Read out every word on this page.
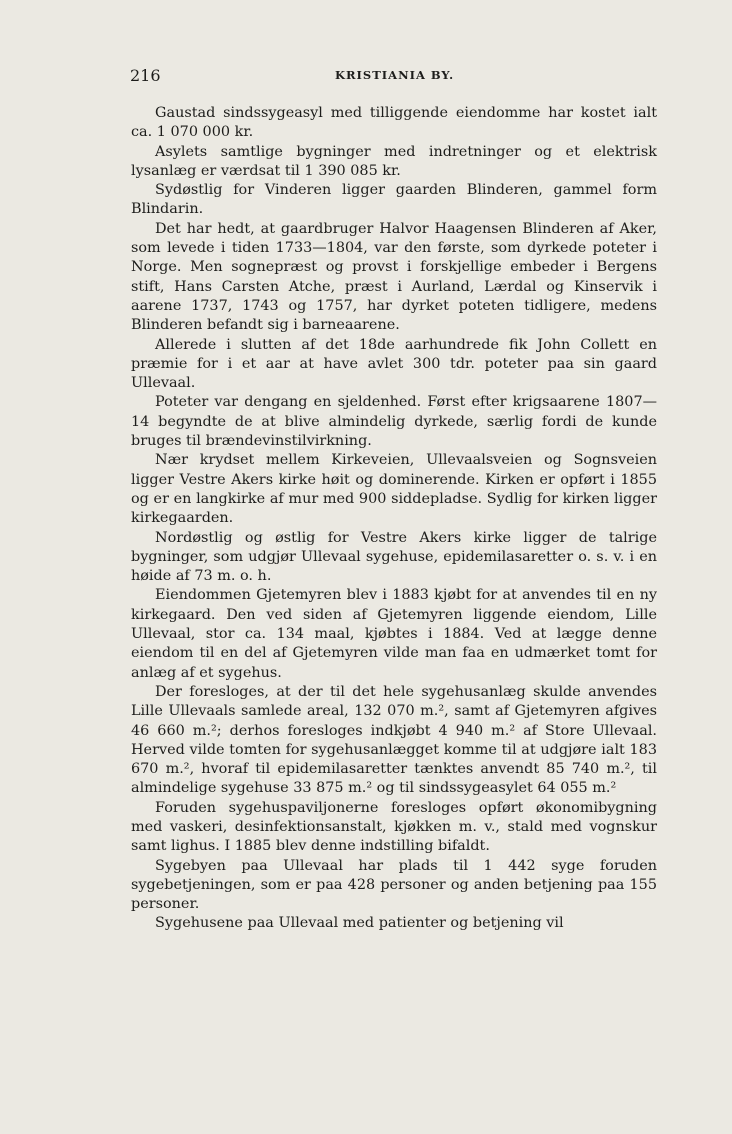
216	KRISTIANIA BY.

Gaustad sindssygeasyl med tilliggende eiendomme har kostet ialt ca. 1 070 000 kr.

Asylets samtlige bygninger med indretninger og et elektrisk lysanlæg er værdsat til 1 390 085 kr.

Sydøstlig for Vinderen ligger gaarden Blinderen, gammel form Blindarin.

Det har hedt, at gaardbruger Halvor Haagensen Blinderen af Aker, som levede i tiden 1733—1804, var den første, som dyrkede poteter i Norge. Men sognepræst og provst i forskjellige embeder i Bergens stift, Hans Carsten Atche, præst i Aurland, Lærdal og Kinservik i aarene 1737, 1743 og 1757, har dyrket poteten tidligere, medens Blinderen befandt sig i barneaarene.

Allerede i slutten af det 18de aarhundrede fik John Collett en præmie for i et aar at have avlet 300 tdr. poteter paa sin gaard Ullevaal.

Poteter var dengang en sjeldenhed. Først efter krigsaarene 1807—14 begyndte de at blive almindelig dyrkede, særlig fordi de kunde bruges til brændevinstilvirkning.

Nær krydset mellem Kirkeveien, Ullevaalsveien og Sognsveien ligger Vestre Akers kirke høit og dominerende. Kirken er opført i 1855 og er en langkirke af mur med 900 siddepladse. Sydlig for kirken ligger kirkegaarden.

Nordøstlig og østlig for Vestre Akers kirke ligger de talrige bygninger, som udgjør Ullevaal sygehuse, epidemilasaretter o. s. v. i en høide af 73 m. o. h.

Eiendommen Gjetemyren blev i 1883 kjøbt for at anvendes til en ny kirkegaard. Den ved siden af Gjetemyren liggende eiendom, Lille Ullevaal, stor ca. 134 maal, kjøbtes i 1884. Ved at lægge denne eiendom til en del af Gjetemyren vilde man faa en udmærket tomt for anlæg af et sygehus.

Der foresloges, at der til det hele sygehusanlæg skulde anvendes Lille Ullevaals samlede areal, 132 070 m.², samt af Gjetemyren afgives 46 660 m.²; derhos foresloges indkjøbt 4 940 m.² af Store Ullevaal. Herved vilde tomten for sygehusanlægget komme til at udgjøre ialt 183 670 m.², hvoraf til epidemilasaretter tænktes anvendt 85 740 m.², til almindelige sygehuse 33 875 m.² og til sindssygeasylet 64 055 m.²

Foruden sygehuspaviljonerne foresloges opført økonomibygning med vaskeri, desinfektionsanstalt, kjøkken m. v., stald med vognskur samt lighus. I 1885 blev denne indstilling bifaldt.

Sygebyen paa Ullevaal har plads til 1 442 syge foruden sygebetjeningen, som er paa 428 personer og anden betjening paa 155 personer.

Sygehusene paa Ullevaal med patienter og betjening vil
